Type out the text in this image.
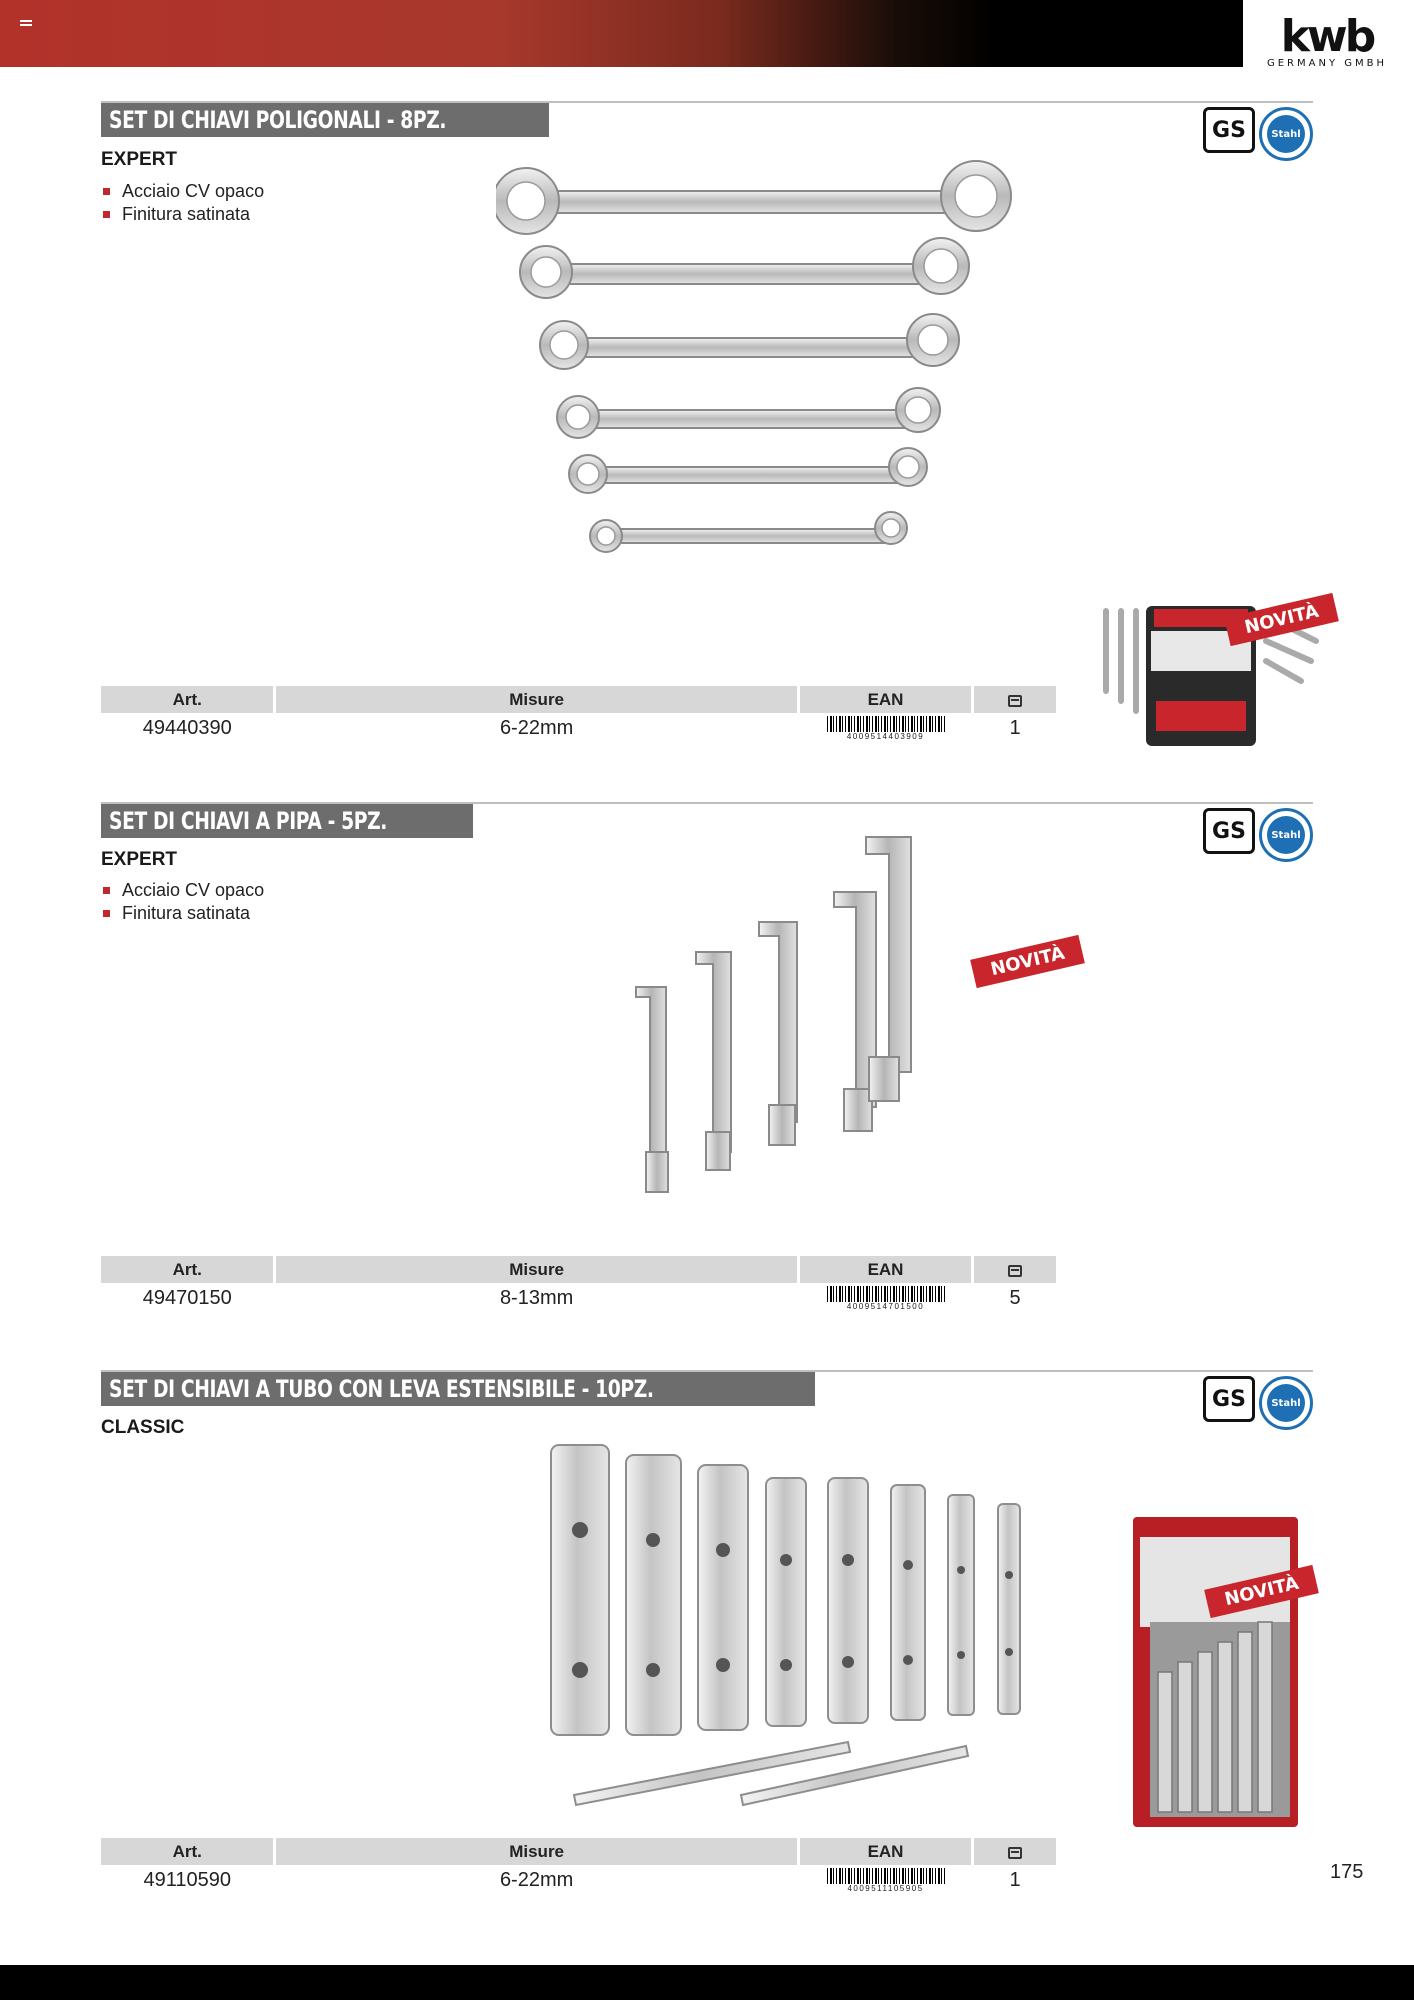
kwb
GERMANY GMBH
SET DI CHIAVI POLIGONALI - 8PZ.
EXPERT
Acciaio CV opaco
Finitura satinata
GS	Stahl
NOVITÀ
Art.	Misure	EAN
49440390	6-22mm	4009514403909	1
SET DI CHIAVI A PIPA - 5PZ.
EXPERT
Acciaio CV opaco
Finitura satinata
GS	Stahl
NOVITÀ
Art.	Misure	EAN
49470150	8-13mm	4009514701500	5
SET DI CHIAVI A TUBO CON LEVA ESTENSIBILE - 10PZ.
CLASSIC
GS	Stahl
NOVITÀ
Art.	Misure	EAN
49110590	6-22mm	4009511105905	1	175
